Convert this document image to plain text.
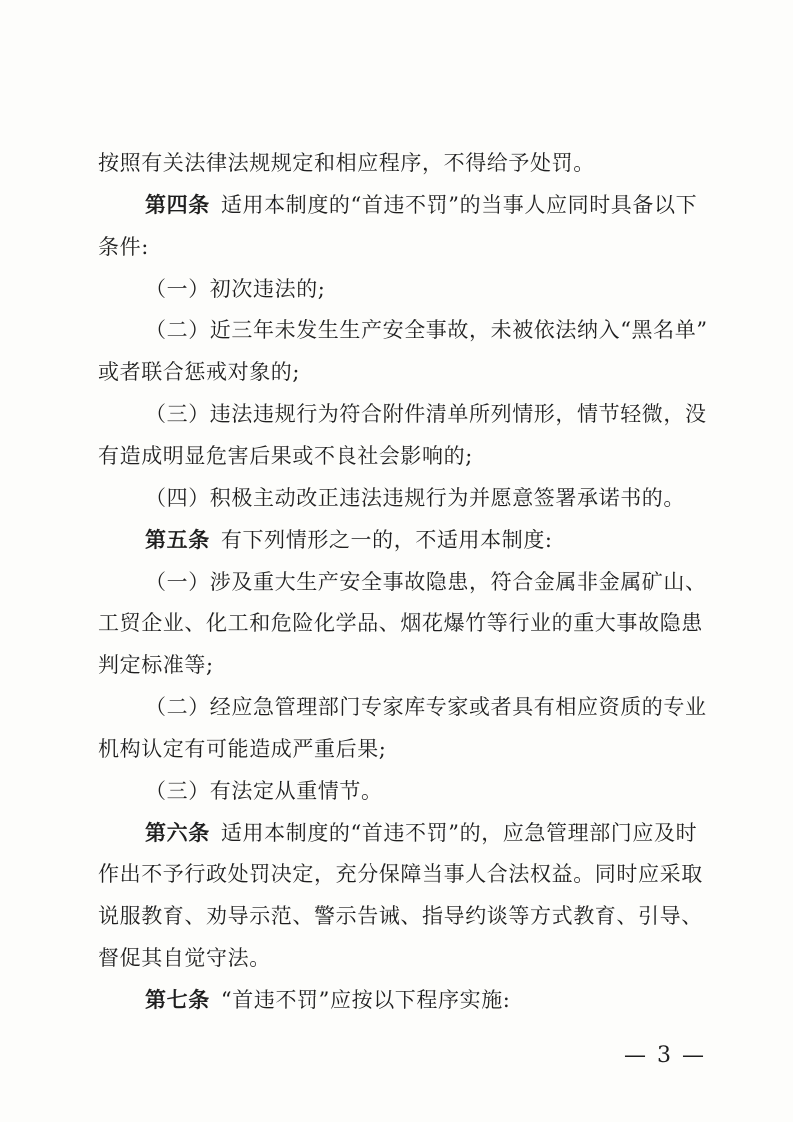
按照有关法律法规规定和相应程序，不得给予处罚。
第四条  适用本制度的“首违不罚”的当事人应同时具备以下
条件:
（一）初次违法的;
（二）近三年未发生生产安全事故，未被依法纳入“黑名单”
或者联合惩戒对象的;
（三）违法违规行为符合附件清单所列情形，情节轻微，没
有造成明显危害后果或不良社会影响的;
（四）积极主动改正违法违规行为并愿意签署承诺书的。
第五条  有下列情形之一的，不适用本制度:
（一）涉及重大生产安全事故隐患，符合金属非金属矿山、
工贸企业、化工和危险化学品、烟花爆竹等行业的重大事故隐患
判定标准等;
（二）经应急管理部门专家库专家或者具有相应资质的专业
机构认定有可能造成严重后果;
（三）有法定从重情节。
第六条  适用本制度的“首违不罚”的，应急管理部门应及时
作出不予行政处罚决定，充分保障当事人合法权益。同时应采取
说服教育、劝导示范、警示告诫、指导约谈等方式教育、引导、
督促其自觉守法。
第七条  “首违不罚”应按以下程序实施:
— 3 —
